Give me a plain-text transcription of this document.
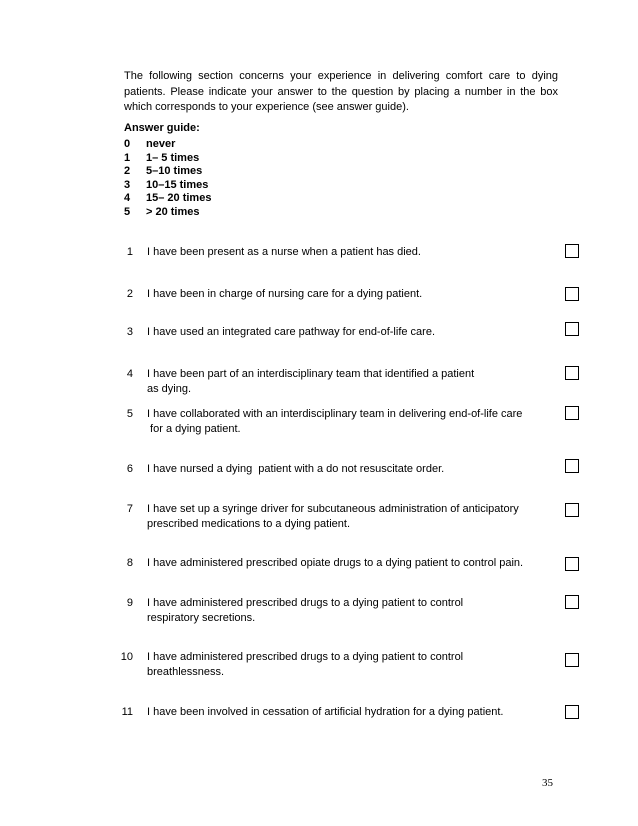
The following section concerns your experience in delivering comfort care to dying patients. Please indicate your answer to the question by placing a number in the box which corresponds to your experience (see answer guide).

Answer guide:

0 never
1 1– 5 times
2 5–10 times
3 10–15 times
4 15– 20 times
5 > 20 times
1 I have been present as a nurse when a patient has died.
2 I have been in charge of nursing care for a dying patient.
3 I have used an integrated care pathway for end-of-life care.
4 I have been part of an interdisciplinary team that identified a patient
as dying.
5 I have collaborated with an interdisciplinary team in delivering end-of-life care
for a dying patient.
6 I have nursed a dying  patient with a do not resuscitate order.
7 I have set up a syringe driver for subcutaneous administration of anticipatory
prescribed medications to a dying patient.
8 I have administered prescribed opiate drugs to a dying patient to control pain.
9 I have administered prescribed drugs to a dying patient to control
respiratory secretions.
10 I have administered prescribed drugs to a dying patient to control
breathlessness.
11 I have been involved in cessation of artificial hydration for a dying patient.
35
